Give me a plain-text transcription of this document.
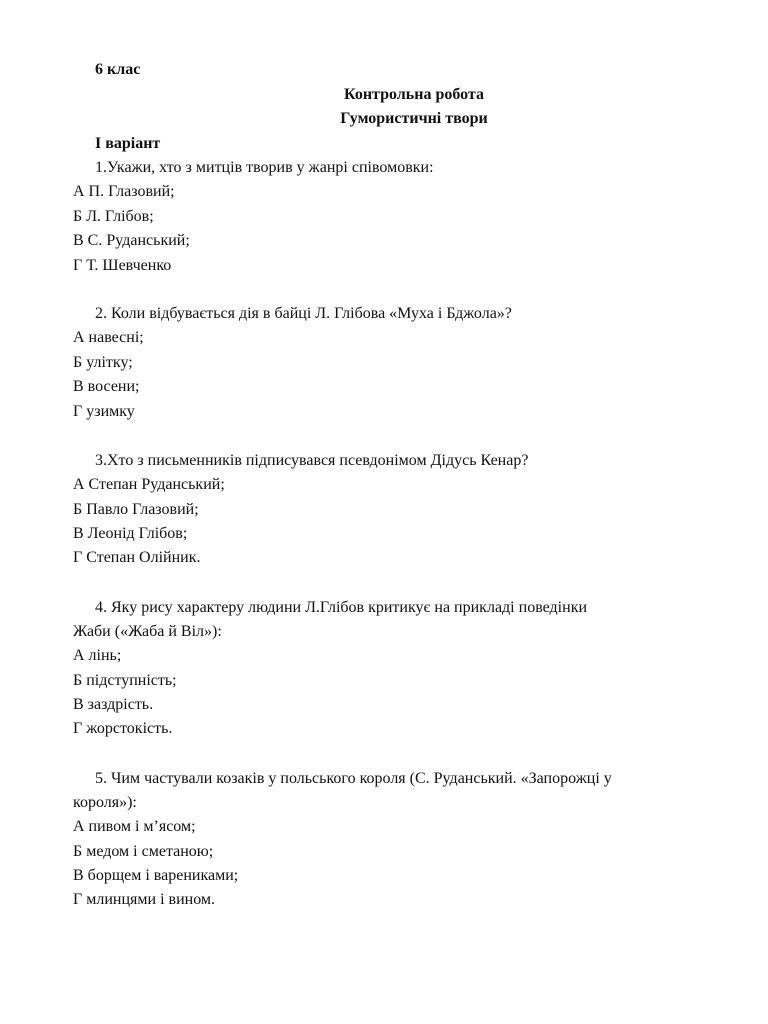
6 клас
Контрольна робота
Гумористичні твори
І варіант
1.Укажи, хто з митців творив у жанрі співомовки:
А П. Глазовий;
Б Л. Глібов;
В С. Руданський;
Г Т. Шевченко
2. Коли відбувається дія в байці Л. Глібова «Муха і Бджола»?
А навесні;
Б улітку;
В восени;
Г узимку
3.Хто з письменників підписувався псевдонімом Дідусь Кенар?
А Степан Руданський;
Б Павло Глазовий;
В Леонід Глібов;
Г Степан Олійник.
4. Яку рису характеру людини Л.Глібов критикує на прикладі поведінки
Жаби («Жаба й Віл»):
А лінь;
Б підступність;
В заздрість.
Г жорстокість.
5. Чим частували козаків у польського короля (С. Руданський. «Запорожці у
короля»):
А пивом і м’ясом;
Б медом і сметаною;
В борщем і варениками;
Г млинцями і вином.
